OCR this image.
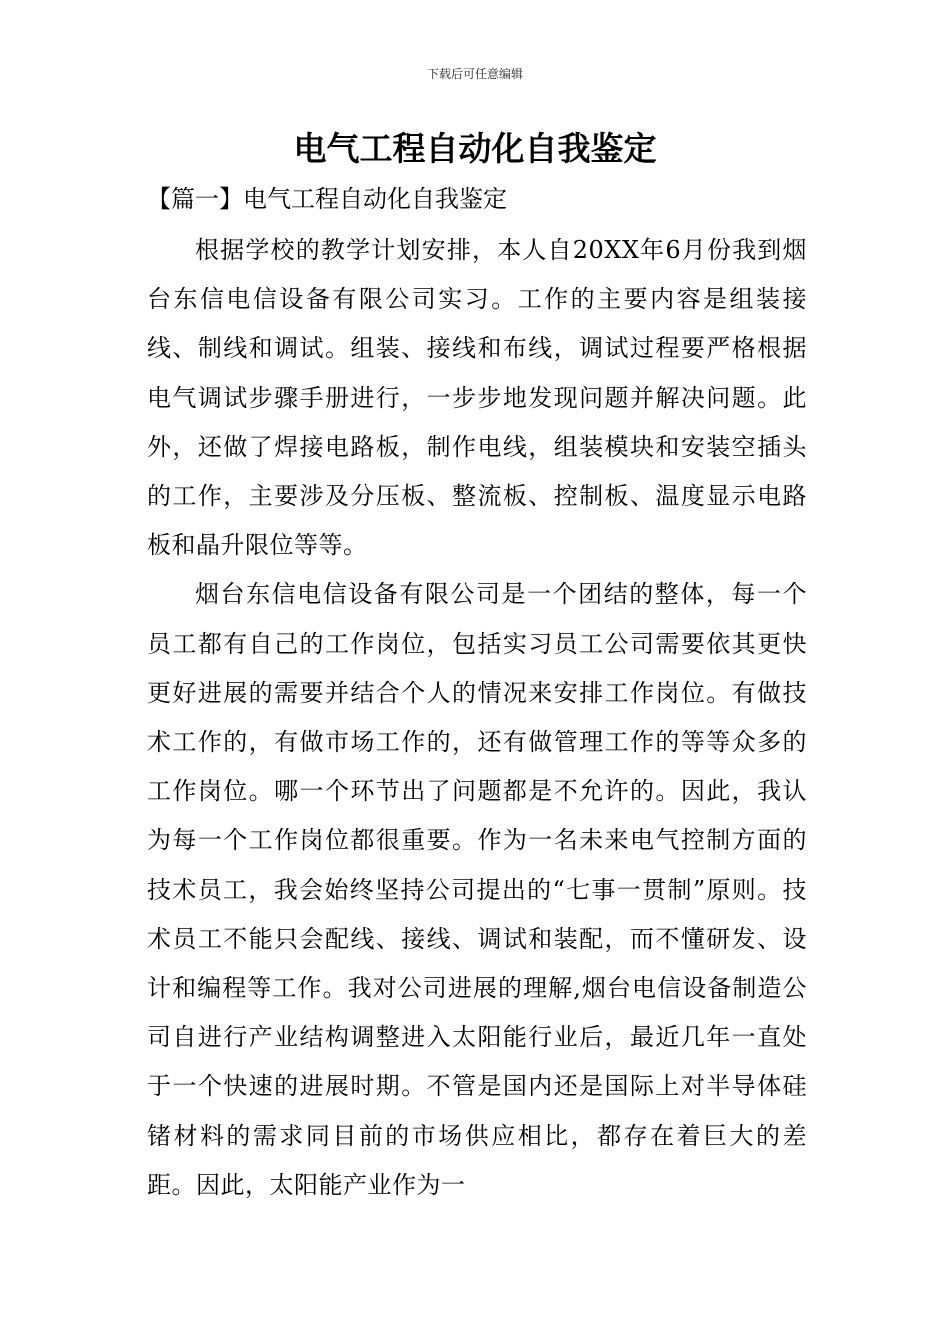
下载后可任意编辑
电气工程自动化自我鉴定
【篇一】电气工程自动化自我鉴定

根据学校的教学计划安排，本人自20XX年6月份我到烟台东信电信设备有限公司实习。工作的主要内容是组装接线、制线和调试。组装、接线和布线，调试过程要严格根据电气调试步骤手册进行，一步步地发现问题并解决问题。此外，还做了焊接电路板，制作电线，组装模块和安装空插头的工作，主要涉及分压板、整流板、控制板、温度显示电路板和晶升限位等等。

烟台东信电信设备有限公司是一个团结的整体，每一个员工都有自己的工作岗位，包括实习员工公司需要依其更快更好进展的需要并结合个人的情况来安排工作岗位。有做技术工作的，有做市场工作的，还有做管理工作的等等众多的工作岗位。哪一个环节出了问题都是不允许的。因此，我认为每一个工作岗位都很重要。作为一名未来电气控制方面的技术员工，我会始终坚持公司提出的“七事一贯制”原则。技术员工不能只会配线、接线、调试和装配，而不懂研发、设计和编程等工作。我对公司进展的理解,烟台电信设备制造公司自进行产业结构调整进入太阳能行业后，最近几年一直处于一个快速的进展时期。不管是国内还是国际上对半导体硅锗材料的需求同目前的市场供应相比，都存在着巨大的差距。因此，太阳能产业作为一
